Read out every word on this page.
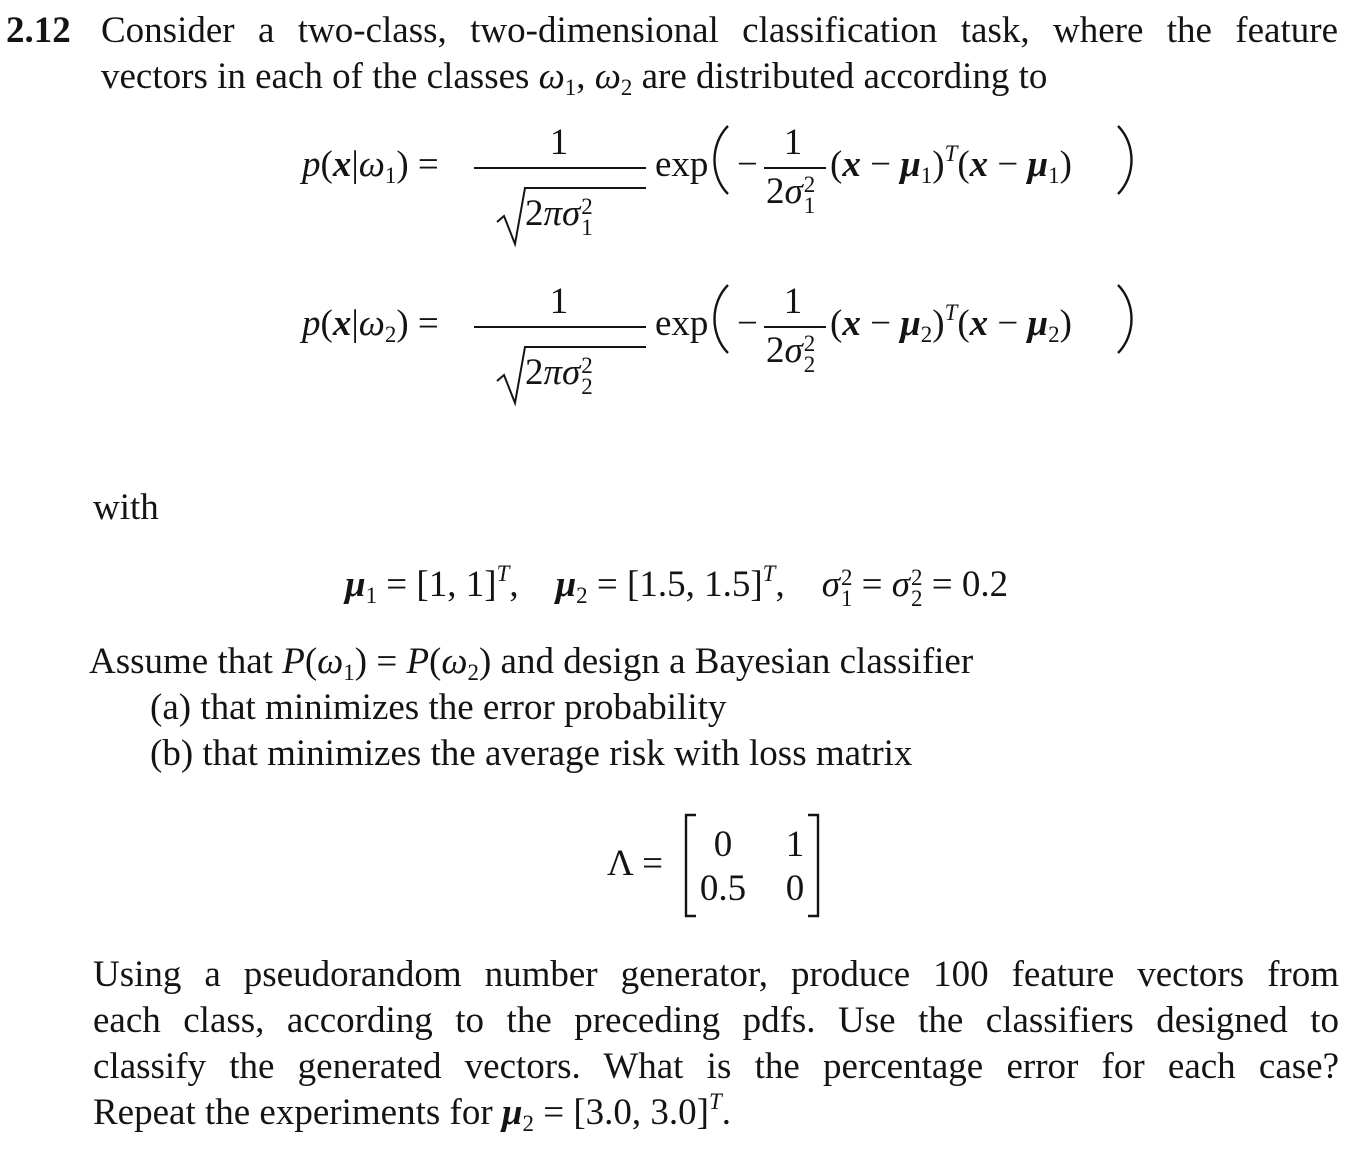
2.12 Consider a two-class, two-dimensional classification task, where the feature
vectors in each of the classes $\omega_1$, $\omega_2$ are distributed according to
$p(x|\omega_1)$ =
1
2πσ 2
1
exp −
1
2σ 2
1
$(x - \mu_1)^T(x - \mu_1)$
$p(x|\omega_2)$ =
1
2πσ 2
2
exp −
1
2σ 2
2
$(x - \mu_2)^T(x - \mu_2)$
with
$\mu_1 = [1$, 1]$^T$, $\mu_2 = [1.5$, 1.5]$^T$, σ 2
1 = σ 2
2 = 0.2
Assume that $P(\omega_1) = P(\omega_2)$ and design a Bayesian classifier
(a) that minimizes the error probability
(b) that minimizes the average risk with loss matrix
Λ =	0	1
0.5 0
Using a pseudorandom number generator, produce 100 feature vectors from
each class, according to the preceding pdfs. Use the classifiers designed to
classify the generated vectors. What is the percentage error for each case?
Repeat the experiments for $\mu_2 = [3.0$, 3.0]$^T$.
